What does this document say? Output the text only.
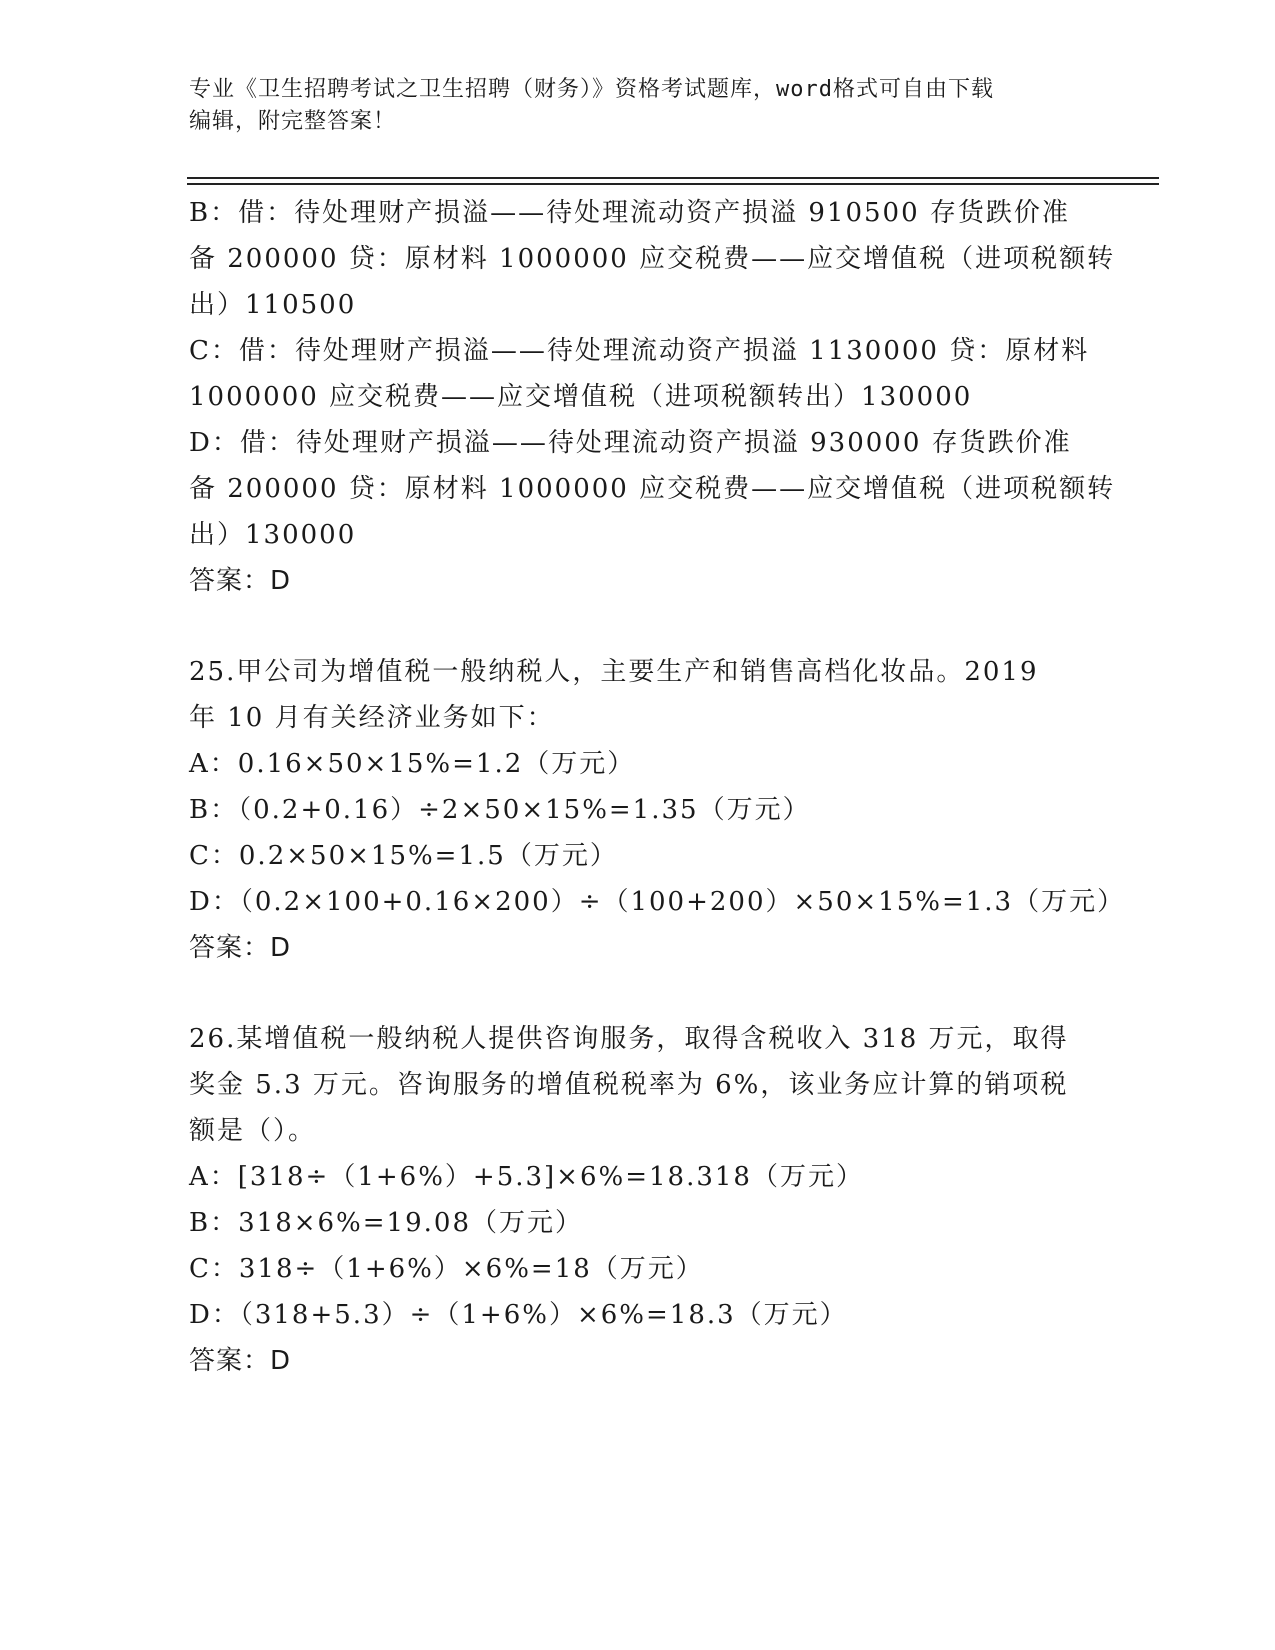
专业《卫生招聘考试之卫生招聘（财务）》资格考试题库，word格式可自由下载
编辑，附完整答案！
B：借：待处理财产损溢——待处理流动资产损溢 910500 存货跌价准
备 200000 贷：原材料 1000000 应交税费——应交增值税（进项税额转
出）110500
C：借：待处理财产损溢——待处理流动资产损溢 1130000 贷：原材料
1000000 应交税费——应交增值税（进项税额转出）130000
D：借：待处理财产损溢——待处理流动资产损溢 930000 存货跌价准
备 200000 贷：原材料 1000000 应交税费——应交增值税（进项税额转
出）130000
答案：D
25.甲公司为增值税一般纳税人，主要生产和销售高档化妆品。2019
年 10 月有关经济业务如下：
A：0.16×50×15%=1.2（万元）
B：（0.2+0.16）÷2×50×15%=1.35（万元）
C：0.2×50×15%=1.5（万元）
D：（0.2×100+0.16×200）÷（100+200）×50×15%=1.3（万元）
答案：D
26.某增值税一般纳税人提供咨询服务，取得含税收入 318 万元，取得
奖金 5.3 万元。咨询服务的增值税税率为 6%，该业务应计算的销项税
额是（）。
A：[318÷（1+6%）+5.3]×6%=18.318（万元）
B：318×6%=19.08（万元）
C：318÷（1+6%）×6%=18（万元）
D：（318+5.3）÷（1+6%）×6%=18.3（万元）
答案：D
